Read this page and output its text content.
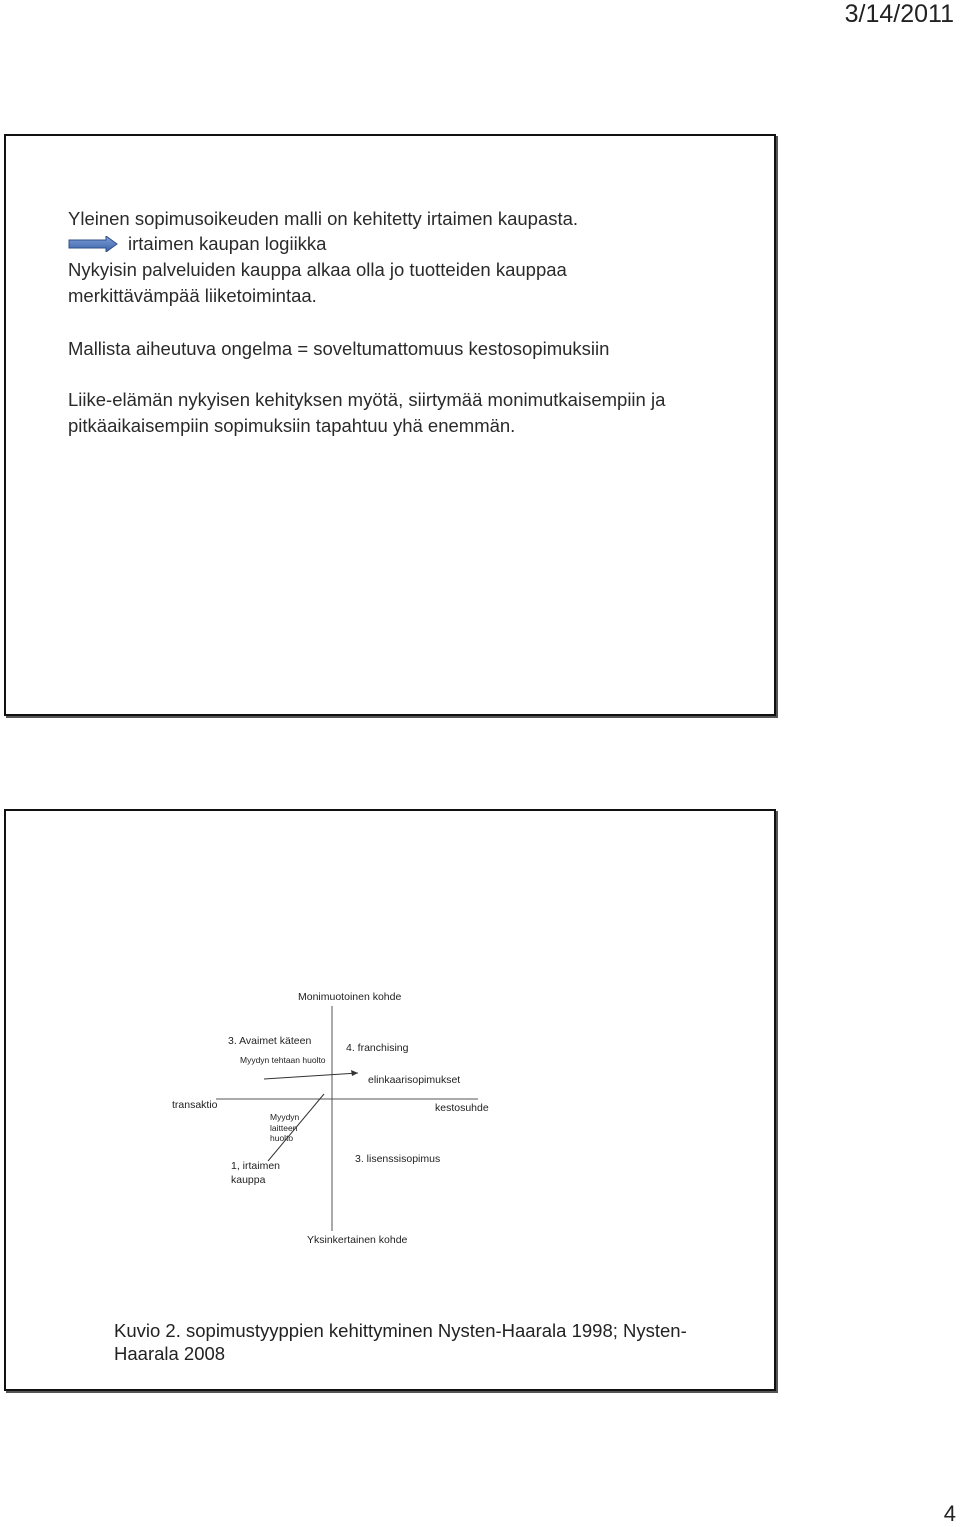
3/14/2011

Yleinen sopimusoikeuden malli on kehitetty irtaimen kaupasta.

irtaimen kaupan logiikka

Nykyisin palveluiden kauppa alkaa olla jo tuotteiden kauppaa merkittävämpää liiketoimintaa.

Mallista aiheutuva ongelma = soveltumattomuus kestosopimuksiin

Liike-elämän nykyisen kehityksen myötä, siirtymää monimutkaisempiin ja pitkäaikaisempiin sopimuksiin tapahtuu yhä enemmän.

Monimuotoinen kohde
3. Avaimet käteen
Myydyn tehtaan huolto
4. franchising
elinkaarisopimukset
transaktio	kestosuhde
Myydyn
laitteen
huolto
3. lisenssisopimus
1, irtaimen
kauppa
Yksinkertainen kohde

Kuvio 2. sopimustyyppien kehittyminen Nysten-Haarala 1998; Nysten-Haarala 2008

4
